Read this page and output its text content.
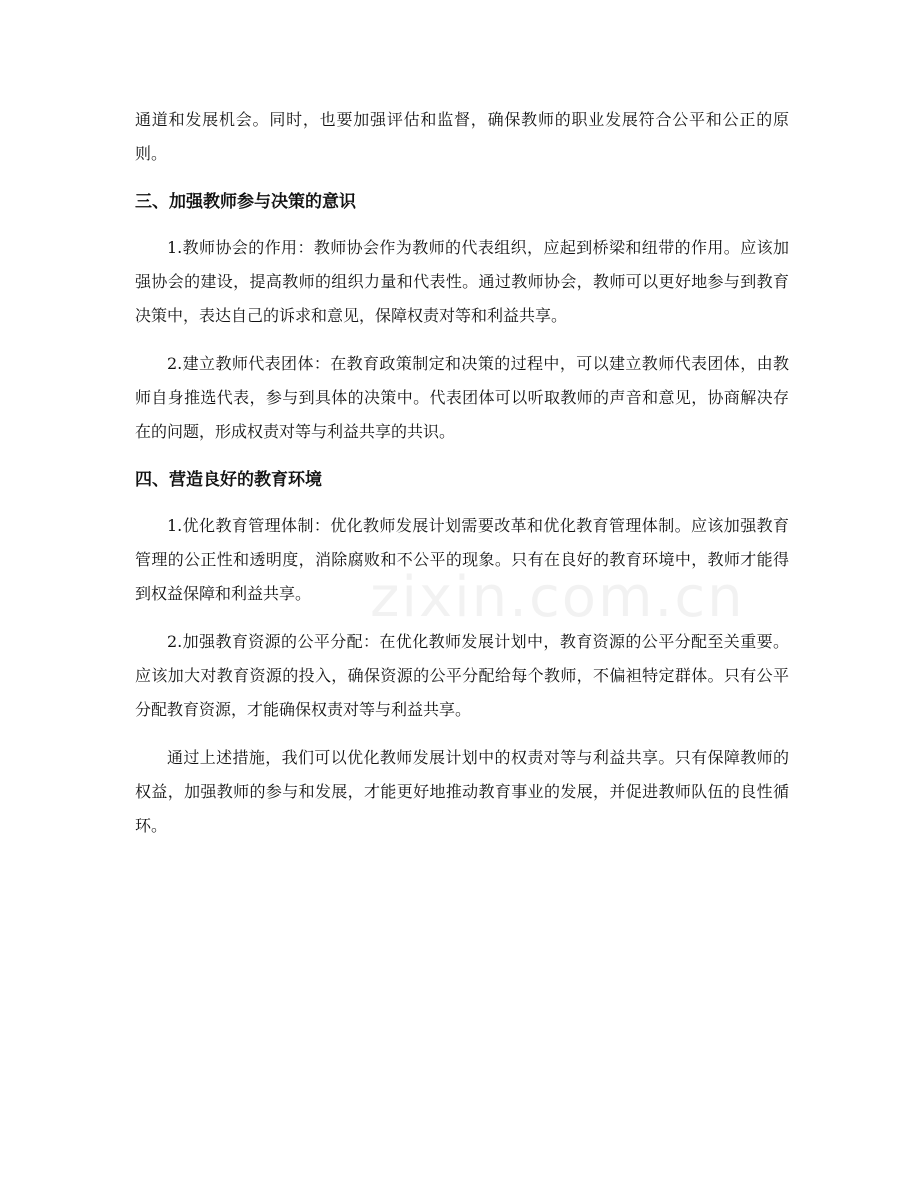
通道和发展机会。同时，也要加强评估和监督，确保教师的职业发展符合公平和公正的原则。

三、加强教师参与决策的意识

1.教师协会的作用：教师协会作为教师的代表组织，应起到桥梁和纽带的作用。应该加强协会的建设，提高教师的组织力量和代表性。通过教师协会，教师可以更好地参与到教育决策中，表达自己的诉求和意见，保障权责对等和利益共享。

2.建立教师代表团体：在教育政策制定和决策的过程中，可以建立教师代表团体，由教师自身推选代表，参与到具体的决策中。代表团体可以听取教师的声音和意见，协商解决存在的问题，形成权责对等与利益共享的共识。

四、营造良好的教育环境

1.优化教育管理体制：优化教师发展计划需要改革和优化教育管理体制。应该加强教育管理的公正性和透明度，消除腐败和不公平的现象。只有在良好的教育环境中，教师才能得到权益保障和利益共享。

2.加强教育资源的公平分配：在优化教师发展计划中，教育资源的公平分配至关重要。应该加大对教育资源的投入，确保资源的公平分配给每个教师，不偏袒特定群体。只有公平分配教育资源，才能确保权责对等与利益共享。

通过上述措施，我们可以优化教师发展计划中的权责对等与利益共享。只有保障教师的权益，加强教师的参与和发展，才能更好地推动教育事业的发展，并促进教师队伍的良性循环。

zixin.com.cn
